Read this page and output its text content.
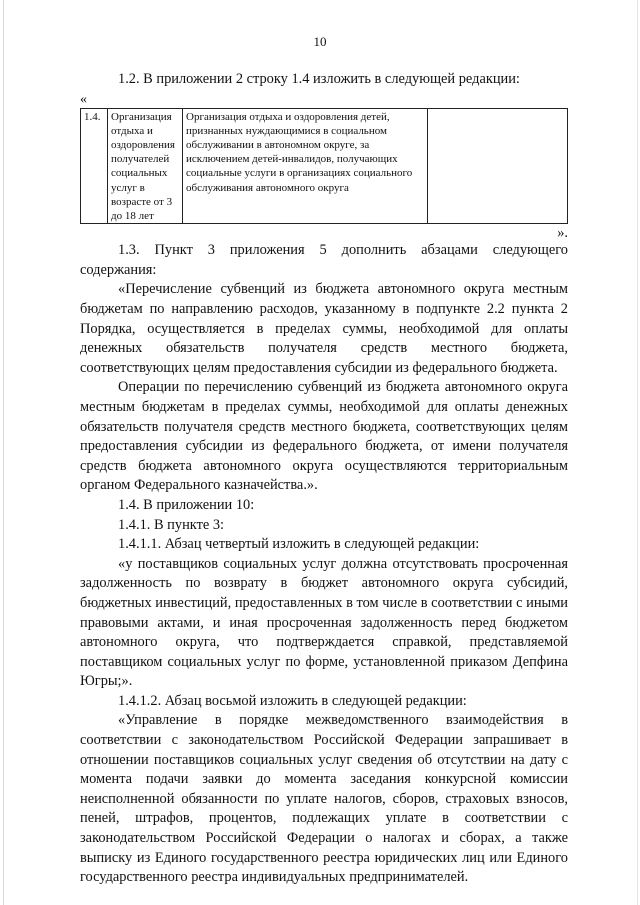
10

1.2. В приложении 2 строку 1.4 изложить в следующей редакции:

«
1.4.	Организация отдыха и оздоровления получателей социальных услуг в возрасте от 3 до 18 лет	Организация отдыха и оздоровления детей, признанных нуждающимися в социальном обслуживании в автономном округе, за исключением детей-инвалидов, получающих социальные услуги в организациях социального обслуживания автономного округа	
».

1.3. Пункт 3 приложения 5 дополнить абзацами следующего содержания:

«Перечисление субвенций из бюджета автономного округа местным бюджетам по направлению расходов, указанному в подпункте 2.2 пункта 2 Порядка, осуществляется в пределах суммы, необходимой для оплаты денежных обязательств получателя средств местного бюджета, соответствующих целям предоставления субсидии из федерального бюджета.

Операции по перечислению субвенций из бюджета автономного округа местным бюджетам в пределах суммы, необходимой для оплаты денежных обязательств получателя средств местного бюджета, соответствующих целям предоставления субсидии из федерального бюджета, от имени получателя средств бюджета автономного округа осуществляются территориальным органом Федерального казначейства.».

1.4. В приложении 10:

1.4.1. В пункте 3:

1.4.1.1. Абзац четвертый изложить в следующей редакции:

«у поставщиков социальных услуг должна отсутствовать просроченная задолженность по возврату в бюджет автономного округа субсидий, бюджетных инвестиций, предоставленных в том числе в соответствии с иными правовыми актами, и иная просроченная задолженность перед бюджетом автономного округа, что подтверждается справкой, представляемой поставщиком социальных услуг по форме, установленной приказом Депфина Югры;».

1.4.1.2. Абзац восьмой изложить в следующей редакции:

«Управление в порядке межведомственного взаимодействия в соответствии с законодательством Российской Федерации запрашивает в отношении поставщиков социальных услуг сведения об отсутствии на дату с момента подачи заявки до момента заседания конкурсной комиссии неисполненной обязанности по уплате налогов, сборов, страховых взносов, пеней, штрафов, процентов, подлежащих уплате в соответствии с законодательством Российской Федерации о налогах и сборах, а также выписку из Единого государственного реестра юридических лиц или Единого государственного реестра индивидуальных предпринимателей.
